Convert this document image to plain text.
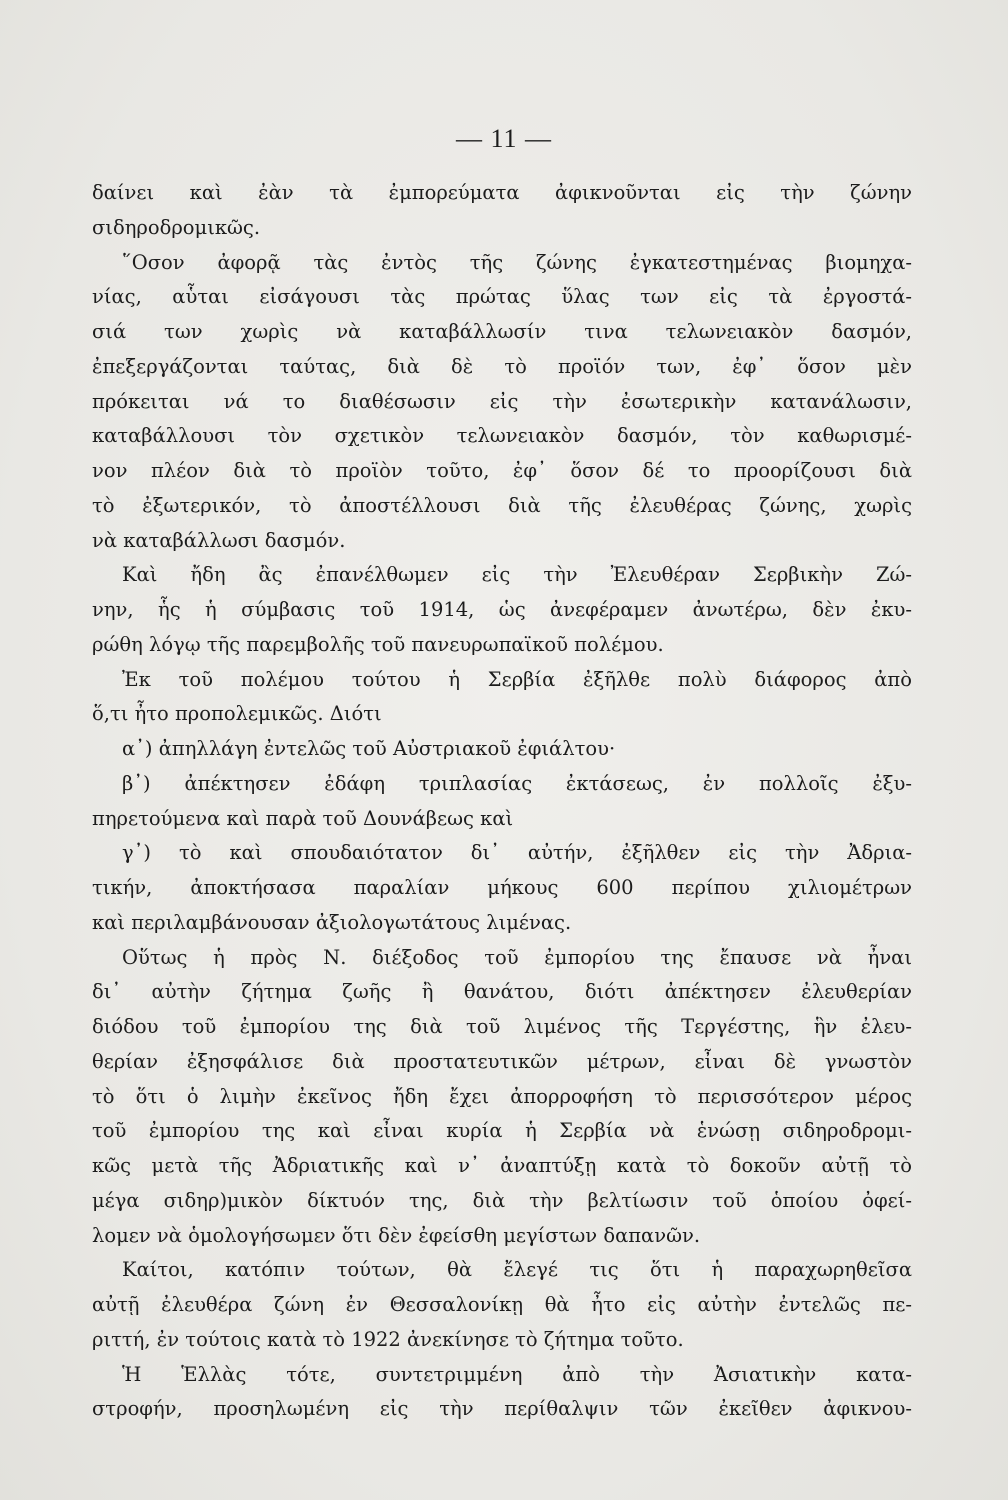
— 11 —
δαίνει καὶ ἐὰν τὰ ἐμπορεύματα ἀφικνοῦνται εἰς τὴν ζώνην
σιδηροδρομικῶς.
῞Οσον ἀφορᾷ τὰς ἐντὸς τῆς ζώνης ἐγκατεστημένας βιομηχα-
νίας, αὗται εἰσάγουσι τὰς πρώτας ὕλας των εἰς τὰ ἐργοστά-
σιά των χωρὶς νὰ καταβάλλωσίν τινα τελωνειακὸν δασμόν,
ἐπεξεργάζονται ταύτας, διὰ δὲ τὸ προϊόν των, ἐφ᾽ ὅσον μὲν
πρόκειται νά το διαθέσωσιν εἰς τὴν ἐσωτερικὴν κατανάλωσιν,
καταβάλλουσι τὸν σχετικὸν τελωνειακὸν δασμόν, τὸν καθωρισμέ-
νον πλέον διὰ τὸ προϊὸν τοῦτο, ἐφ᾽ ὅσον δέ το προορίζουσι διὰ
τὸ ἐξωτερικόν, τὸ ἀποστέλλουσι διὰ τῆς ἐλευθέρας ζώνης, χωρὶς
νὰ καταβάλλωσι δασμόν.
Καὶ ἤδη ἂς ἐπανέλθωμεν εἰς τὴν Ἐλευθέραν Σερβικὴν Ζώ-
νην, ἧς ἡ σύμβασις τοῦ 1914, ὡς ἀνεφέραμεν ἀνωτέρω, δὲν ἐκυ-
ρώθη λόγῳ τῆς παρεμβολῆς τοῦ πανευρωπαϊκοῦ πολέμου.
Ἐκ τοῦ πολέμου τούτου ἡ Σερβία ἐξῆλθε πολὺ διάφορος ἀπὸ
ὅ,τι ἦτο προπολεμικῶς. Διότι
α᾽) ἀπηλλάγη ἐντελῶς τοῦ Αὐστριακοῦ ἐφιάλτου·
β᾽) ἀπέκτησεν ἐδάφη τριπλασίας ἐκτάσεως, ἐν πολλοῖς ἐξυ-
πηρετούμενα καὶ παρὰ τοῦ Δουνάβεως καὶ
γ᾽) τὸ καὶ σπουδαιότατον δι᾽ αὐτήν, ἐξῆλθεν εἰς τὴν Ἀδρια-
τικήν, ἀποκτήσασα παραλίαν μήκους 600 περίπου χιλιομέτρων
καὶ περιλαμβάνουσαν ἀξιολογωτάτους λιμένας.
Οὕτως ἡ πρὸς Ν. διέξοδος τοῦ ἐμπορίου της ἔπαυσε νὰ ἦναι
δι᾽ αὐτὴν ζήτημα ζωῆς ἢ θανάτου, διότι ἀπέκτησεν ἐλευθερίαν
διόδου τοῦ ἐμπορίου της διὰ τοῦ λιμένος τῆς Τεργέστης, ἣν ἐλευ-
θερίαν ἐξησφάλισε διὰ προστατευτικῶν μέτρων, εἶναι δὲ γνωστὸν
τὸ ὅτι ὁ λιμὴν ἐκεῖνος ἤδη ἔχει ἀπορροφήση τὸ περισσότερον μέρος
τοῦ ἐμπορίου της καὶ εἶναι κυρία ἡ Σερβία νὰ ἑνώσῃ σιδηροδρομι-
κῶς μετὰ τῆς Ἀδριατικῆς καὶ ν᾽ ἀναπτύξῃ κατὰ τὸ δοκοῦν αὐτῇ τὸ
μέγα σιδηρ)μικὸν δίκτυόν της, διὰ τὴν βελτίωσιν τοῦ ὁποίου ὀφεί-
λομεν νὰ ὁμολογήσωμεν ὅτι δὲν ἐφείσθη μεγίστων δαπανῶν.
Καίτοι, κατόπιν τούτων, θὰ ἔλεγέ τις ὅτι ἡ παραχωρηθεῖσα
αὐτῇ ἐλευθέρα ζώνη ἐν Θεσσαλονίκῃ θὰ ἦτο εἰς αὐτὴν ἐντελῶς πε-
ριττή, ἐν τούτοις κατὰ τὸ 1922 ἀνεκίνησε τὸ ζήτημα τοῦτο.
Ἡ Ἑλλὰς τότε, συντετριμμένη ἀπὸ τὴν Ἀσιατικὴν κατα-
στροφήν, προσηλωμένη εἰς τὴν περίθαλψιν τῶν ἐκεῖθεν ἀφικνου-
